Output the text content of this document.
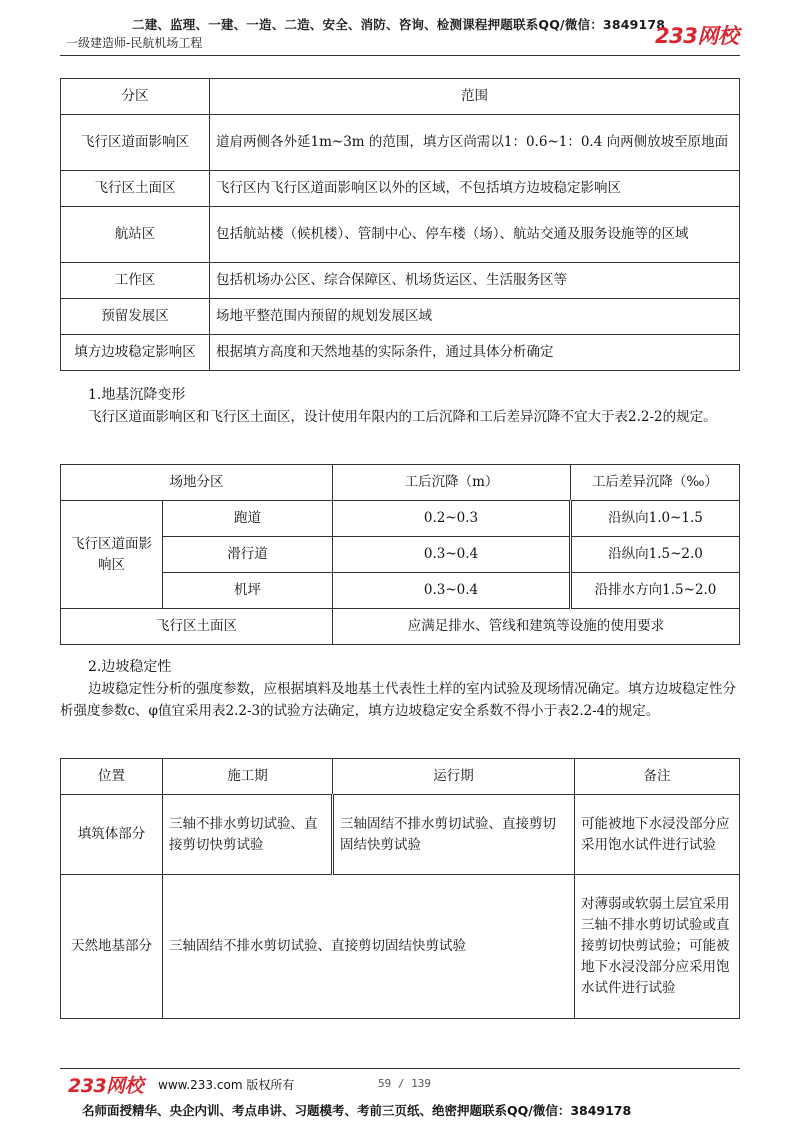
二建、监理、一建、一造、二造、安全、消防、咨询、检测课程押题联系QQ/微信：3849178
一级建造师-民航机场工程	233网校
分区	范围
飞行区道面影响区	道肩两侧各外延1m~3m 的范围，填方区尚需以1：0.6~1：0.4 向两侧放坡至原地面
飞行区土面区	飞行区内飞行区道面影响区以外的区域，不包括填方边坡稳定影响区
航站区	包括航站楼（候机楼）、管制中心、停车楼（场）、航站交通及服务设施等的区域
工作区	包括机场办公区、综合保障区、机场货运区、生活服务区等
预留发展区	场地平整范围内预留的规划发展区域
填方边坡稳定影响区	根据填方高度和天然地基的实际条件，通过具体分析确定
1.地基沉降变形
飞行区道面影响区和飞行区土面区，设计使用年限内的工后沉降和工后差异沉降不宜大于表2.2-2的规定。
场地分区		工后沉降（m）	工后差异沉降（‰）
飞行区道面影响区	跑道	0.2~0.3	沿纵向1.0~1.5
	滑行道	0.3~0.4	沿纵向1.5~2.0
	机坪	0.3~0.4	沿排水方向1.5~2.0
飞行区土面区		应满足排水、管线和建筑等设施的使用要求	
2.边坡稳定性
边坡稳定性分析的强度参数，应根据填料及地基土代表性土样的室内试验及现场情况确定。填方边坡稳定性分析强度参数c、φ值宜采用表2.2-3的试验方法确定，填方边坡稳定安全系数不得小于表2.2-4的规定。
位置	施工期	运行期	备注
填筑体部分	三轴不排水剪切试验、直接剪切快剪试验	三轴固结不排水剪切试验、直接剪切固结快剪试验	可能被地下水浸没部分应采用饱水试件进行试验
天然地基部分	三轴固结不排水剪切试验、直接剪切固结快剪试验		对薄弱或软弱土层宜采用三轴不排水剪切试验或直接剪切快剪试验；可能被地下水浸没部分应采用饱水试件进行试验
233网校 www.233.com 版权所有	59 / 139
名师面授精华、央企内训、考点串讲、习题模考、考前三页纸、绝密押题联系QQ/微信：3849178
